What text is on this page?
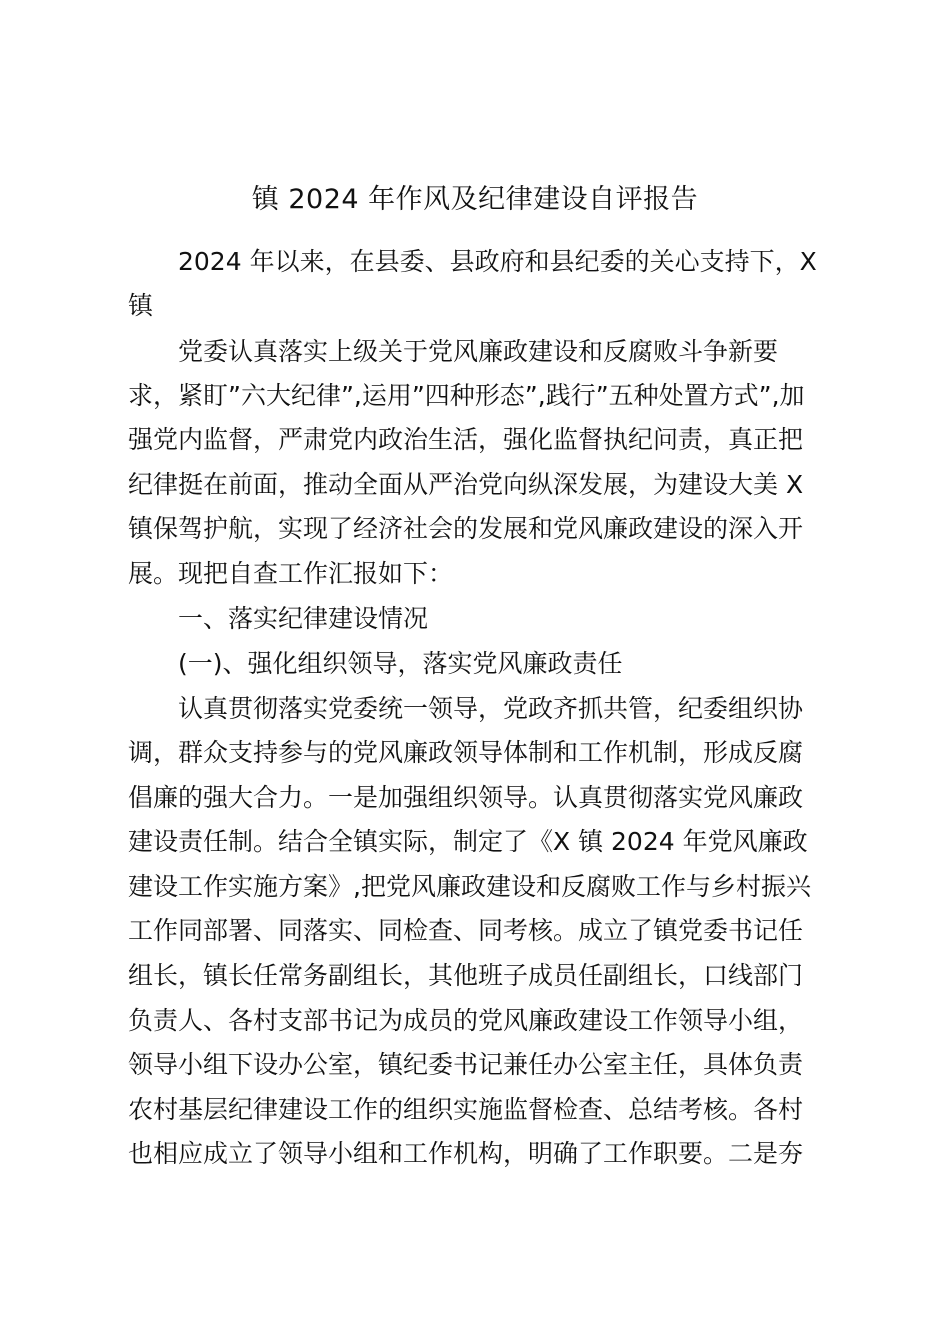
镇 2024 年作风及纪律建设自评报告
2024 年以来，在县委、县政府和县纪委的关心支持下，X
镇
党委认真落实上级关于党风廉政建设和反腐败斗争新要
求，紧盯”六大纪律”,运用”四种形态”,践行”五种处置方式”,加
强党内监督，严肃党内政治生活，强化监督执纪问责，真正把
纪律挺在前面，推动全面从严治党向纵深发展，为建设大美 X
镇保驾护航，实现了经济社会的发展和党风廉政建设的深入开
展。现把自查工作汇报如下：
一、落实纪律建设情况
(一)、强化组织领导，落实党风廉政责任
认真贯彻落实党委统一领导，党政齐抓共管，纪委组织协
调，群众支持参与的党风廉政领导体制和工作机制，形成反腐
倡廉的强大合力。一是加强组织领导。认真贯彻落实党风廉政
建设责任制。结合全镇实际，制定了《X 镇 2024 年党风廉政
建设工作实施方案》,把党风廉政建设和反腐败工作与乡村振兴
工作同部署、同落实、同检查、同考核。成立了镇党委书记任
组长，镇长任常务副组长，其他班子成员任副组长，口线部门
负责人、各村支部书记为成员的党风廉政建设工作领导小组，
领导小组下设办公室，镇纪委书记兼任办公室主任，具体负责
农村基层纪律建设工作的组织实施监督检查、总结考核。各村
也相应成立了领导小组和工作机构，明确了工作职要。二是夯
